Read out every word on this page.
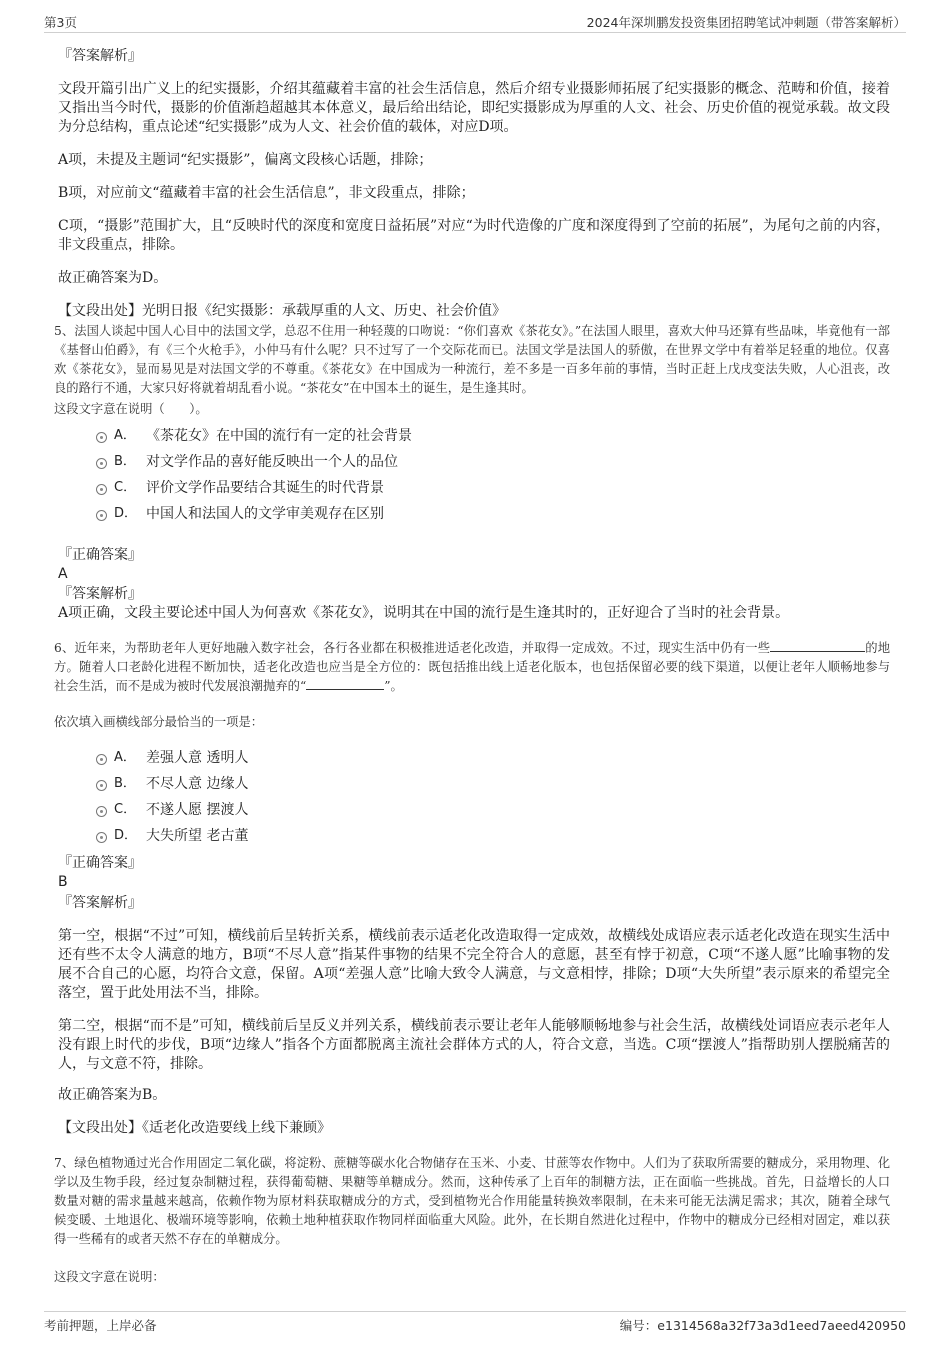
第3页	2024年深圳鹏发投资集团招聘笔试冲刺题（带答案解析）

『答案解析』

文段开篇引出广义上的纪实摄影，介绍其蕴藏着丰富的社会生活信息，然后介绍专业摄影师拓展了纪实摄影的概念、范畴和价值，接着又指出当今时代，摄影的价值渐趋超越其本体意义，最后给出结论，即纪实摄影成为厚重的人文、社会、历史价值的视觉承载。故文段为分总结构，重点论述“纪实摄影”成为人文、社会价值的载体，对应D项。

A项，未提及主题词“纪实摄影”，偏离文段核心话题，排除；

B项，对应前文“蕴藏着丰富的社会生活信息”，非文段重点，排除；

C项，“摄影”范围扩大，且“反映时代的深度和宽度日益拓展”对应“为时代造像的广度和深度得到了空前的拓展”，为尾句之前的内容，非文段重点，排除。

故正确答案为D。

【文段出处】光明日报《纪实摄影：承载厚重的人文、历史、社会价值》

5、法国人谈起中国人心目中的法国文学，总忍不住用一种轻蔑的口吻说：“你们喜欢《茶花女》。”在法国人眼里，喜欢大仲马还算有些品味，毕竟他有一部《基督山伯爵》，有《三个火枪手》，小仲马有什么呢？只不过写了一个交际花而已。法国文学是法国人的骄傲，在世界文学中有着举足轻重的地位。仅喜欢《茶花女》，显而易见是对法国文学的不尊重。《茶花女》在中国成为一种流行，差不多是一百多年前的事情，当时正赶上戊戌变法失败，人心沮丧，改良的路行不通，大家只好将就着胡乱看小说。“茶花女”在中国本土的诞生，是生逢其时。

这段文字意在说明（　　）。

A． 《茶花女》在中国的流行有一定的社会背景
B． 对文学作品的喜好能反映出一个人的品位
C． 评价文学作品要结合其诞生的时代背景
D． 中国人和法国人的文学审美观存在区别

『正确答案』

A

『答案解析』

A项正确，文段主要论述中国人为何喜欢《茶花女》，说明其在中国的流行是生逢其时的，正好迎合了当时的社会背景。

6、近年来，为帮助老年人更好地融入数字社会，各行各业都在积极推进适老化改造，并取得一定成效。不过，现实生活中仍有一些	的地方。随着人口老龄化进程不断加快，适老化改造也应当是全方位的：既包括推出线上适老化版本，也包括保留必要的线下渠道，以便让老年人顺畅地参与社会生活，而不是成为被时代发展浪潮抛弃的“	”。

依次填入画横线部分最恰当的一项是：

A． 差强人意 透明人
B． 不尽人意 边缘人
C． 不遂人愿 摆渡人
D． 大失所望 老古董

『正确答案』

B

『答案解析』

第一空，根据“不过”可知，横线前后呈转折关系，横线前表示适老化改造取得一定成效，故横线处成语应表示适老化改造在现实生活中还有些不太令人满意的地方，B项“不尽人意”指某件事物的结果不完全符合人的意愿，甚至有悖于初意，C项“不遂人愿”比喻事物的发展不合自己的心愿，均符合文意，保留。A项“差强人意”比喻大致令人满意，与文意相悖，排除；D项“大失所望”表示原来的希望完全落空，置于此处用法不当，排除。

第二空，根据“而不是”可知，横线前后呈反义并列关系，横线前表示要让老年人能够顺畅地参与社会生活，故横线处词语应表示老年人没有跟上时代的步伐，B项“边缘人”指各个方面都脱离主流社会群体方式的人，符合文意，当选。C项“摆渡人”指帮助别人摆脱痛苦的人，与文意不符，排除。

故正确答案为B。

【文段出处】《适老化改造要线上线下兼顾》

7、绿色植物通过光合作用固定二氧化碳，将淀粉、蔗糖等碳水化合物储存在玉米、小麦、甘蔗等农作物中。人们为了获取所需要的糖成分，采用物理、化学以及生物手段，经过复杂制糖过程，获得葡萄糖、果糖等单糖成分。然而，这种传承了上百年的制糖方法，正在面临一些挑战。首先，日益增长的人口数量对糖的需求量越来越高，依赖作物为原材料获取糖成分的方式，受到植物光合作用能量转换效率限制，在未来可能无法满足需求；其次，随着全球气候变暖、土地退化、极端环境等影响，依赖土地种植获取作物同样面临重大风险。此外，在长期自然进化过程中，作物中的糖成分已经相对固定，难以获得一些稀有的或者天然不存在的单糖成分。

这段文字意在说明：

考前押题，上岸必备	编号：e1314568a32f73a3d1eed7aeed420950
